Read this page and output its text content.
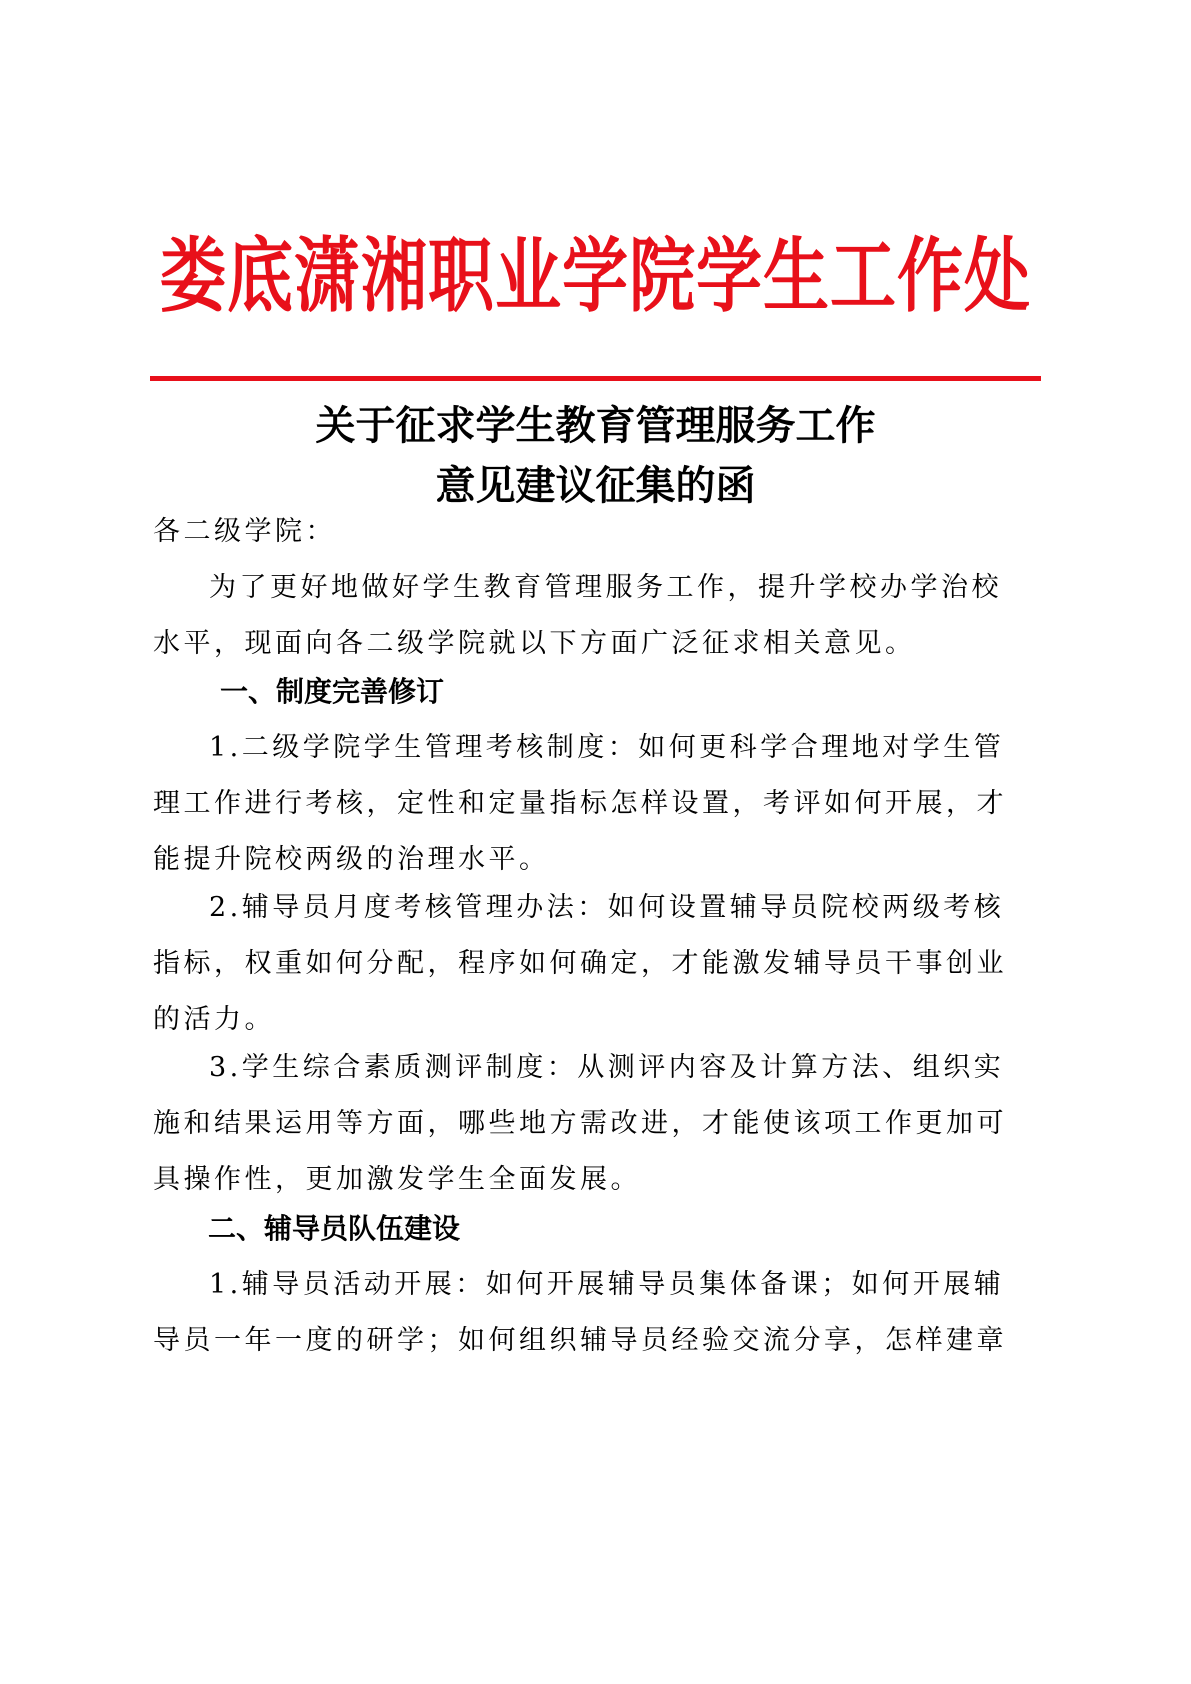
娄底潇湘职业学院学生工作处
关于征求学生教育管理服务工作
意见建议征集的函

各二级学院：

为了更好地做好学生教育管理服务工作，提升学校办学治校

水平，现面向各二级学院就以下方面广泛征求相关意见。

一、制度完善修订

1.二级学院学生管理考核制度：如何更科学合理地对学生管

理工作进行考核，定性和定量指标怎样设置，考评如何开展，才

能提升院校两级的治理水平。

2.辅导员月度考核管理办法：如何设置辅导员院校两级考核

指标，权重如何分配，程序如何确定，才能激发辅导员干事创业

的活力。

3.学生综合素质测评制度：从测评内容及计算方法、组织实

施和结果运用等方面，哪些地方需改进，才能使该项工作更加可

具操作性，更加激发学生全面发展。

二、辅导员队伍建设

1.辅导员活动开展：如何开展辅导员集体备课；如何开展辅

导员一年一度的研学；如何组织辅导员经验交流分享，怎样建章
